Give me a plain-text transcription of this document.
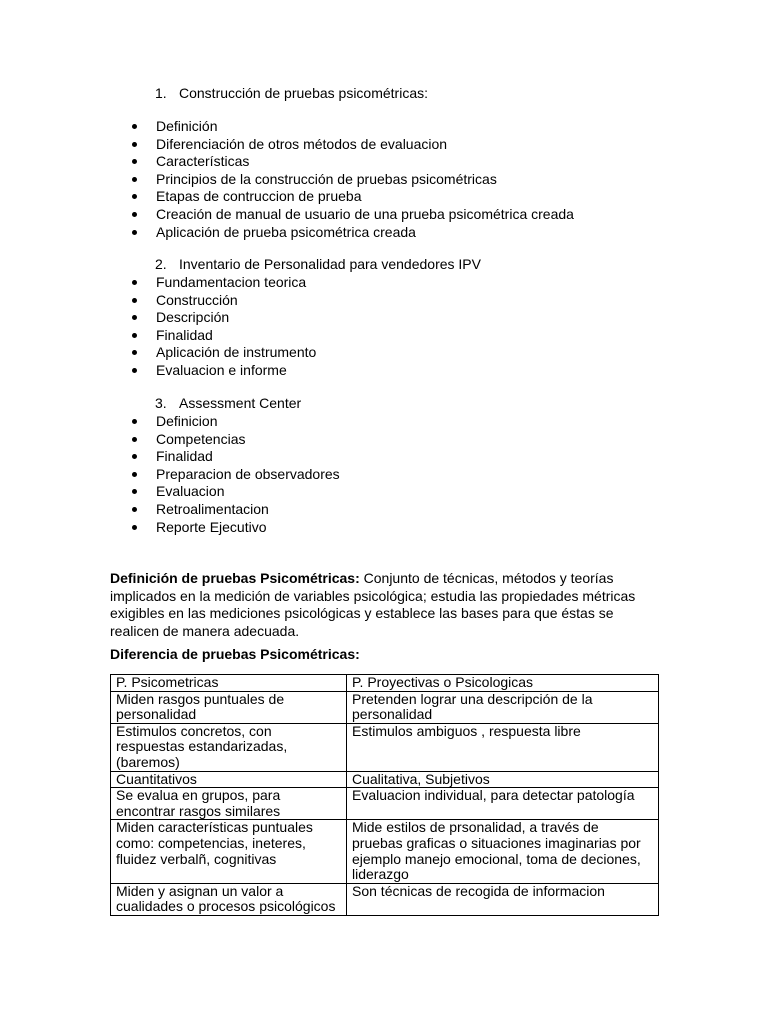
1. Construcción de pruebas psicométricas:
Definición
Diferenciación de otros métodos de evaluacion
Características
Principios de la construcción de pruebas psicométricas
Etapas de contruccion de prueba
Creación de manual de usuario de una prueba psicométrica creada
Aplicación de prueba psicométrica creada
2. Inventario de Personalidad para vendedores IPV
Fundamentacion teorica
Construcción
Descripción
Finalidad
Aplicación de instrumento
Evaluacion e informe
3. Assessment Center
Definicion
Competencias
Finalidad
Preparacion de observadores
Evaluacion
Retroalimentacion
Reporte Ejecutivo
Definición de pruebas Psicométricas: Conjunto de técnicas, métodos y teorías implicados en la medición de variables psicológica; estudia las propiedades métricas exigibles en las mediciones psicológicas y establece las bases para que éstas se realicen de manera adecuada.
Diferencia de pruebas Psicométricas:
P. Psicometricas	P. Proyectivas o Psicologicas
Miden rasgos puntuales de personalidad	Pretenden lograr una descripción de la personalidad
Estimulos concretos, con respuestas estandarizadas, (baremos)	Estimulos ambiguos , respuesta libre
Cuantitativos	Cualitativa, Subjetivos
Se evalua en grupos, para encontrar rasgos similares	Evaluacion individual, para detectar patología
Miden características puntuales como: competencias, ineteres, fluidez verbalñ, cognitivas	Mide estilos de prsonalidad, a través de pruebas graficas o situaciones imaginarias por ejemplo manejo emocional, toma de deciones, liderazgo
Miden y asignan un valor a cualidades o procesos psicológicos	Son técnicas de recogida de informacion
